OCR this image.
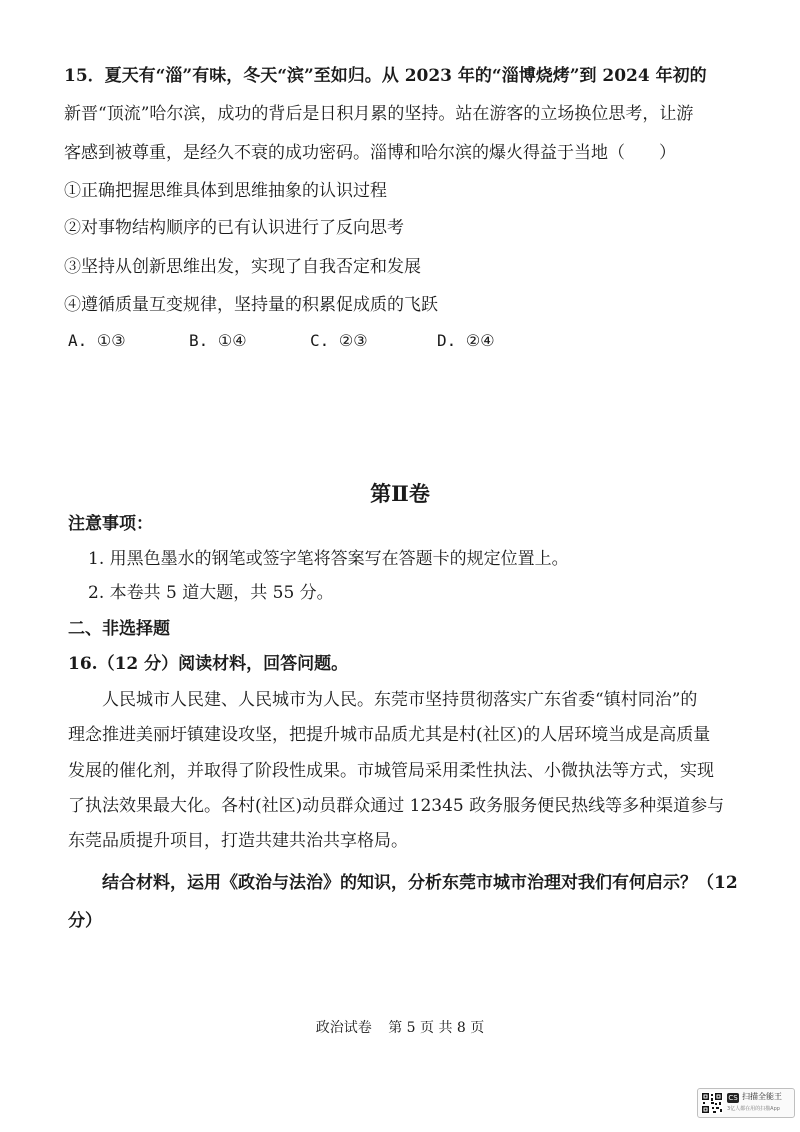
15．夏天有“淄”有味，冬天“滨”至如归。从 2023 年的“淄博烧烤”到 2024 年初的
新晋“顶流”哈尔滨，成功的背后是日积月累的坚持。站在游客的立场换位思考，让游
客感到被尊重，是经久不衰的成功密码。淄博和哈尔滨的爆火得益于当地（　　）
①正确把握思维具体到思维抽象的认识过程
②对事物结构顺序的已有认识进行了反向思考
③坚持从创新思维出发，实现了自我否定和发展
④遵循质量互变规律，坚持量的积累促成质的飞跃
A. ①③	B. ①④	C. ②③	D. ②④
第Ⅱ卷
注意事项：
1. 用黑色墨水的钢笔或签字笔将答案写在答题卡的规定位置上。
2. 本卷共 5 道大题，共 55 分。
二、非选择题
16.（12 分）阅读材料，回答问题。
人民城市人民建、人民城市为人民。东莞市坚持贯彻落实广东省委“镇村同治”的
理念推进美丽圩镇建设攻坚，把提升城市品质尤其是村(社区)的人居环境当成是高质量
发展的催化剂，并取得了阶段性成果。市城管局采用柔性执法、小微执法等方式，实现
了执法效果最大化。各村(社区)动员群众通过 12345 政务服务便民热线等多种渠道参与
东莞品质提升项目，打造共建共治共享格局。
结合材料，运用《政治与法治》的知识，分析东莞市城市治理对我们有何启示？（12
分）
政治试卷 第 5 页 共 8 页
CS 扫描全能王
3亿人都在用的扫描App
